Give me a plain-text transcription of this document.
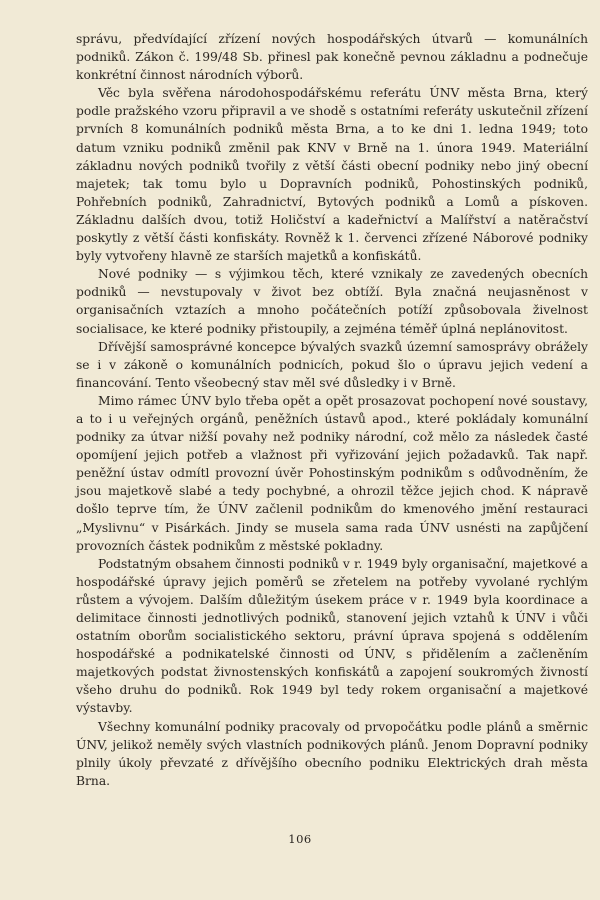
správu, předvídající zřízení nových hospodářských útvarů — komunálních podniků. Zákon č. 199/48 Sb. přinesl pak konečně pevnou základnu a podnečuje konkrétní činnost národních výborů.

Věc byla svěřena národohospodářskému referátu ÚNV města Brna, který podle pražského vzoru připravil a ve shodě s ostatními referáty uskutečnil zřízení prvních 8 komunálních podniků města Brna, a to ke dni 1. ledna 1949; toto datum vzniku podniků změnil pak KNV v Brně na 1. února 1949. Materiální základnu nových podniků tvořily z větší části obecní podniky nebo jiný obecní majetek; tak tomu bylo u Dopravních podniků, Pohostinských podniků, Pohřebních podniků, Zahradnictví, Bytových podniků a Lomů a pískoven. Základnu dalších dvou, totiž Holičství a kadeřnictví a Malířství a natěračství poskytly z větší části konfiskáty. Rovněž k 1. červenci zřízené Náborové podniky byly vytvořeny hlavně ze starších majetků a konfiskátů.

Nové podniky — s výjimkou těch, které vznikaly ze zavedených obecních podniků — nevstupovaly v život bez obtíží. Byla značná neujasněnost v organisačních vztazích a mnoho počátečních potíží způsobovala živelnost socialisace, ke které podniky přistoupily, a zejména téměř úplná neplánovitost.

Dřívější samosprávné koncepce bývalých svazků územní samosprávy obrážely se i v zákoně o komunálních podnicích, pokud šlo o úpravu jejich vedení a financování. Tento všeobecný stav měl své důsledky i v Brně.

Mimo rámec ÚNV bylo třeba opět a opět prosazovat pochopení nové soustavy, a to i u veřejných orgánů, peněžních ústavů apod., které pokládaly komunální podniky za útvar nižší povahy než podniky národní, což mělo za následek časté opomíjení jejich potřeb a vlažnost při vyřizování jejich požadavků. Tak např. peněžní ústav odmítl provozní úvěr Pohostinským podnikům s odůvodněním, že jsou majetkově slabé a tedy pochybné, a ohrozil těžce jejich chod. K nápravě došlo teprve tím, že ÚNV začlenil podnikům do kmenového jmění restauraci „Myslivnu“ v Pisárkách. Jindy se musela sama rada ÚNV usnésti na zapůjčení provozních částek podnikům z městské pokladny.

Podstatným obsahem činnosti podniků v r. 1949 byly organisační, majetkové a hospodářské úpravy jejich poměrů se zřetelem na potřeby vyvolané rychlým růstem a vývojem. Dalším důležitým úsekem práce v r. 1949 byla koordinace a delimitace činnosti jednotlivých podniků, stanovení jejich vztahů k ÚNV i vůči ostatním oborům socialistického sektoru, právní úprava spojená s oddělením hospodářské a podnikatelské činnosti od ÚNV, s přidělením a začleněním majetkových podstat živnostenských konfiskátů a zapojení soukromých živností všeho druhu do podniků. Rok 1949 byl tedy rokem organisační a majetkové výstavby.

Všechny komunální podniky pracovaly od prvopočátku podle plánů a směrnic ÚNV, jelikož neměly svých vlastních podnikových plánů. Jenom Dopravní podniky plnily úkoly převzaté z dřívějšího obecního podniku Elektrických drah města Brna.

106
